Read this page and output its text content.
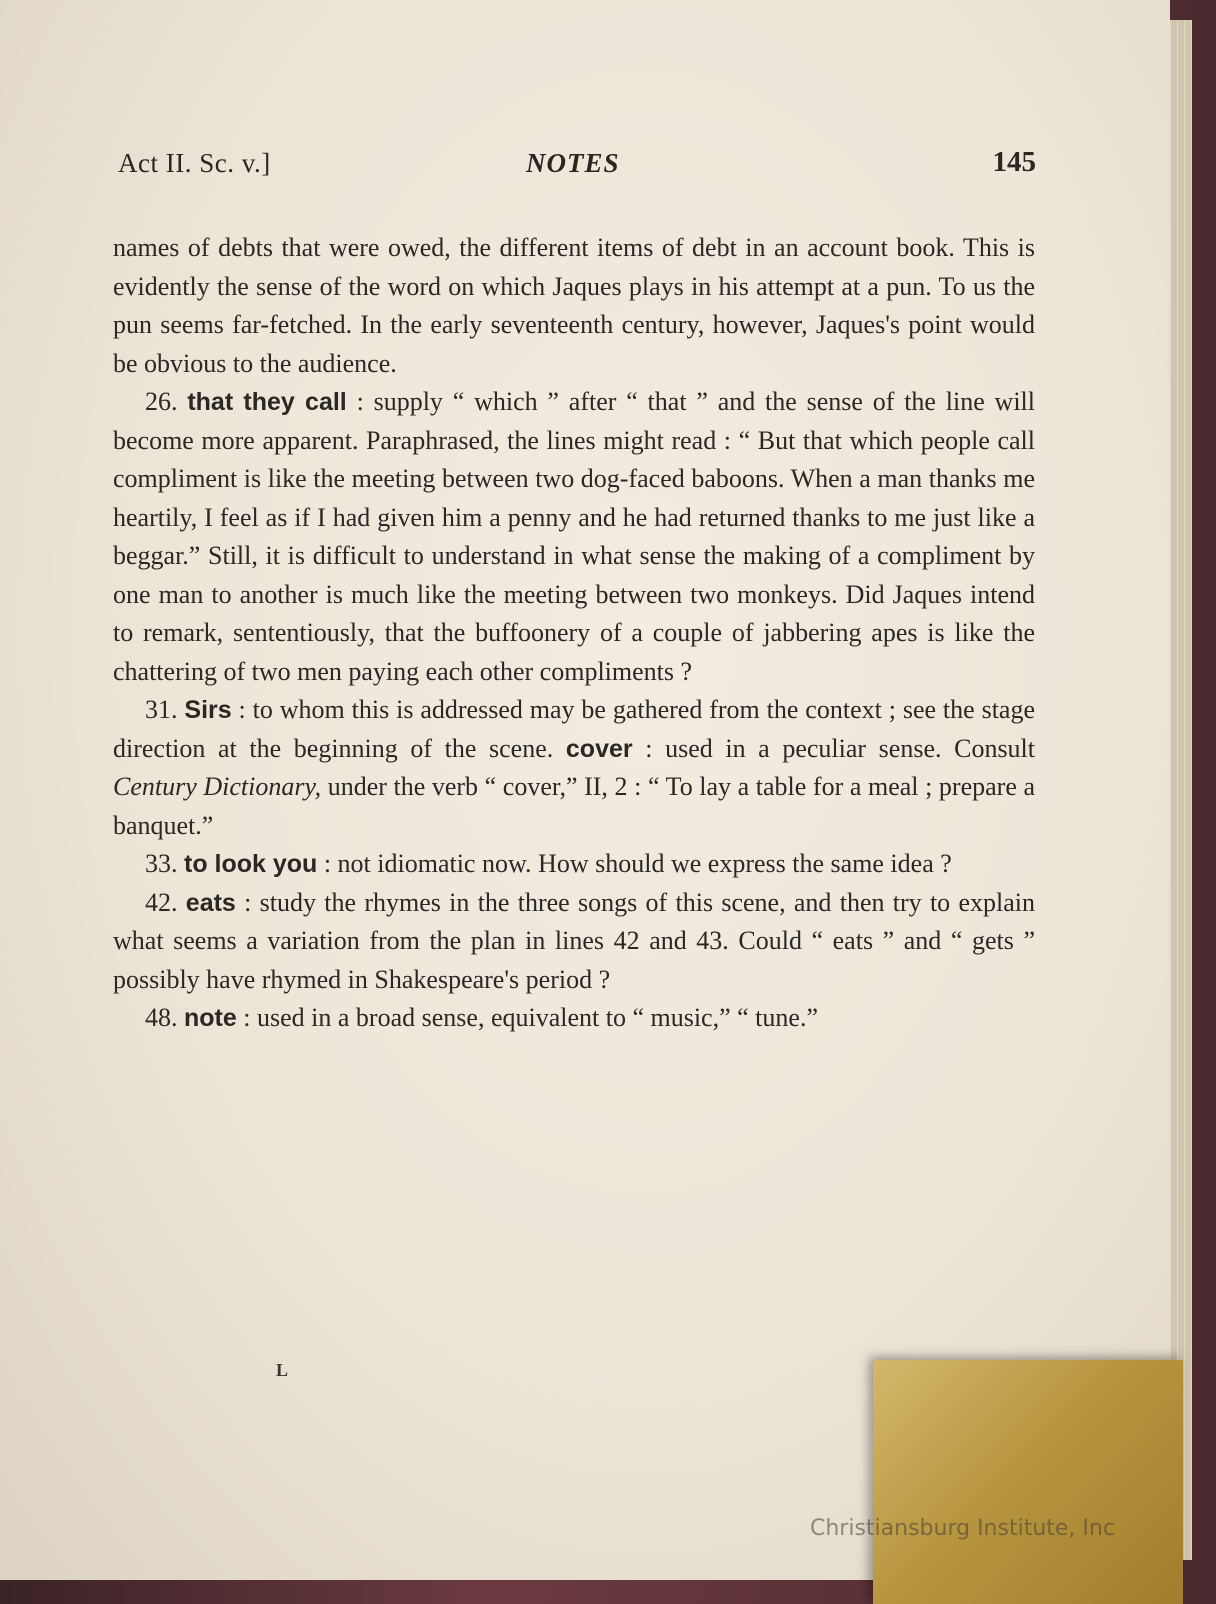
Act II. Sc. v.]	NOTES	145

names of debts that were owed, the different items of debt in an account book. This is evidently the sense of the word on which Jaques plays in his attempt at a pun. To us the pun seems far-fetched. In the early seventeenth century, however, Jaques's point would be obvious to the audience.

26. that they call : supply “ which ” after “ that ” and the sense of the line will become more apparent. Paraphrased, the lines might read : “ But that which people call compliment is like the meeting between two dog-faced baboons. When a man thanks me heartily, I feel as if I had given him a penny and he had returned thanks to me just like a beggar.” Still, it is difficult to understand in what sense the making of a compliment by one man to another is much like the meeting between two monkeys. Did Jaques intend to remark, sententiously, that the buffoonery of a couple of jabbering apes is like the chattering of two men paying each other compliments ?

31. Sirs : to whom this is addressed may be gathered from the context ; see the stage direction at the beginning of the scene. cover : used in a peculiar sense. Consult Century Dictionary, under the verb “ cover,” II, 2 : “ To lay a table for a meal ; prepare a banquet.”

33. to look you : not idiomatic now. How should we express the same idea ?

42. eats : study the rhymes in the three songs of this scene, and then try to explain what seems a variation from the plan in lines 42 and 43. Could “ eats ” and “ gets ” possibly have rhymed in Shakespeare's period ?

48. note : used in a broad sense, equivalent to “ music,” “ tune.”

L
Christiansburg Institute, Inc
